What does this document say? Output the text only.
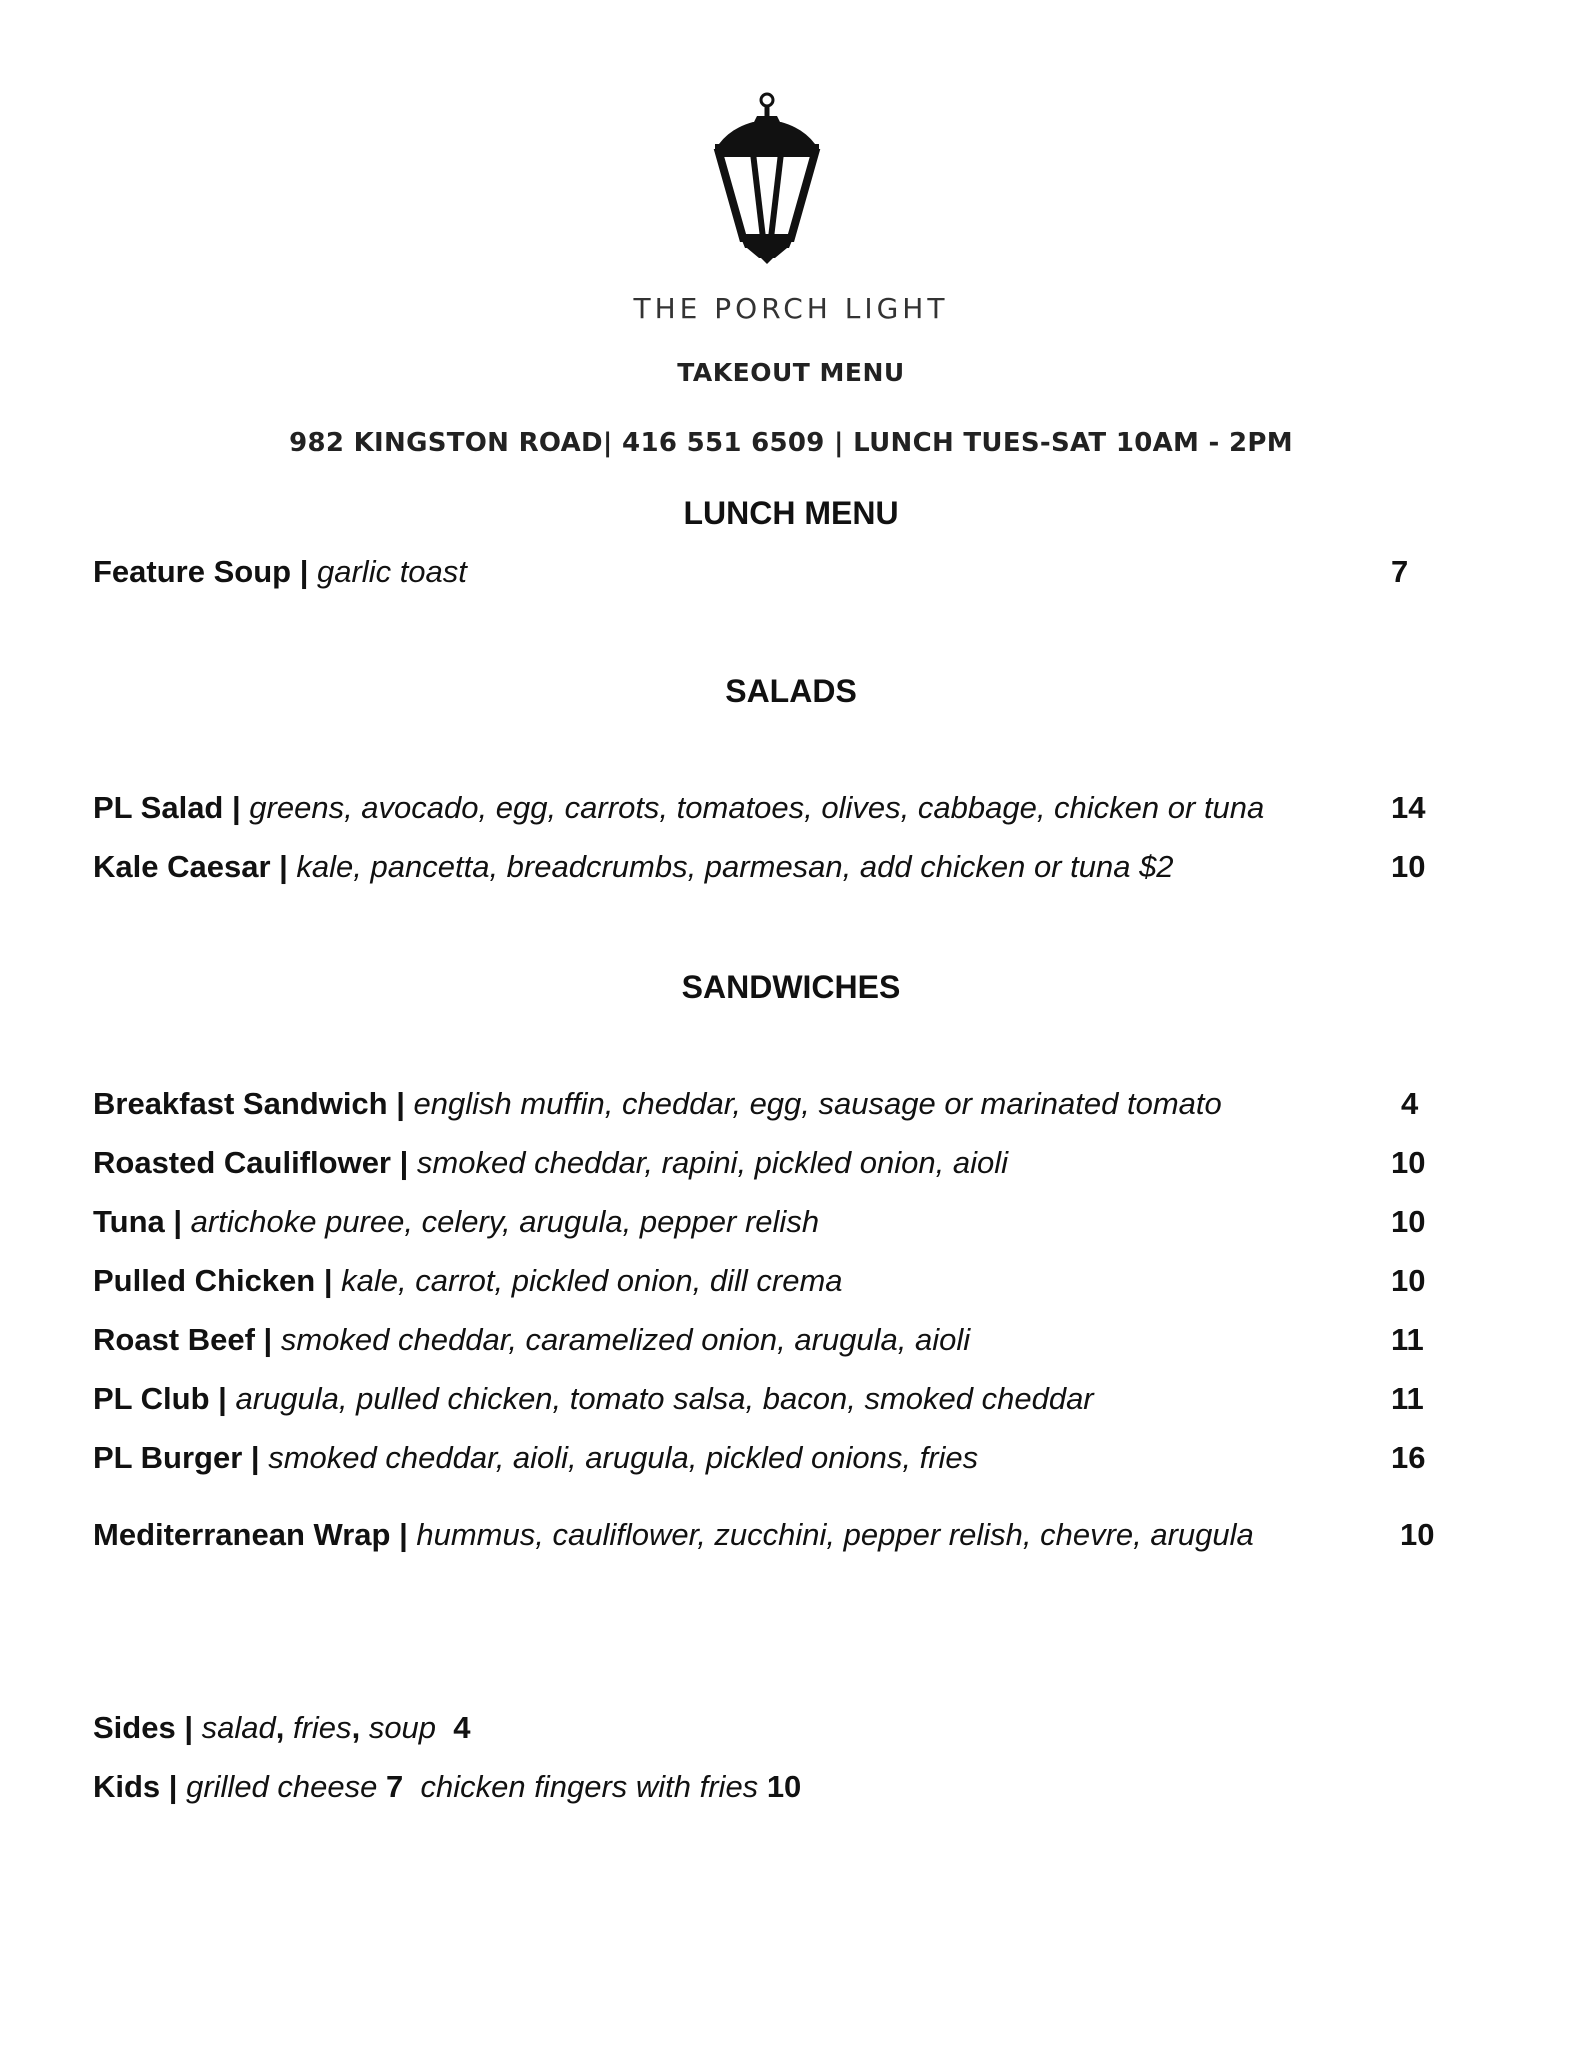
THE PORCH LIGHT
TAKEOUT MENU
982 KINGSTON ROAD| 416 551 6509 | LUNCH TUES-SAT 10AM - 2PM
LUNCH MENU
Feature Soup | garlic toast	7
SALADS
PL Salad | greens, avocado, egg, carrots, tomatoes, olives, cabbage, chicken or tuna	14
Kale Caesar | kale, pancetta, breadcrumbs, parmesan, add chicken or tuna $2	10
SANDWICHES
Breakfast Sandwich | english muffin, cheddar, egg, sausage or marinated tomato	4
Roasted Cauliflower | smoked cheddar, rapini, pickled onion, aioli	10
Tuna | artichoke puree, celery, arugula, pepper relish	10
Pulled Chicken | kale, carrot, pickled onion, dill crema	10
Roast Beef | smoked cheddar, caramelized onion, arugula, aioli	11
PL Club | arugula, pulled chicken, tomato salsa, bacon, smoked cheddar	11
PL Burger | smoked cheddar, aioli, arugula, pickled onions, fries	16
Mediterranean Wrap | hummus, cauliflower, zucchini, pepper relish, chevre, arugula	10
Sides | salad, fries, soup 4
Kids | grilled cheese 7 chicken fingers with fries 10
